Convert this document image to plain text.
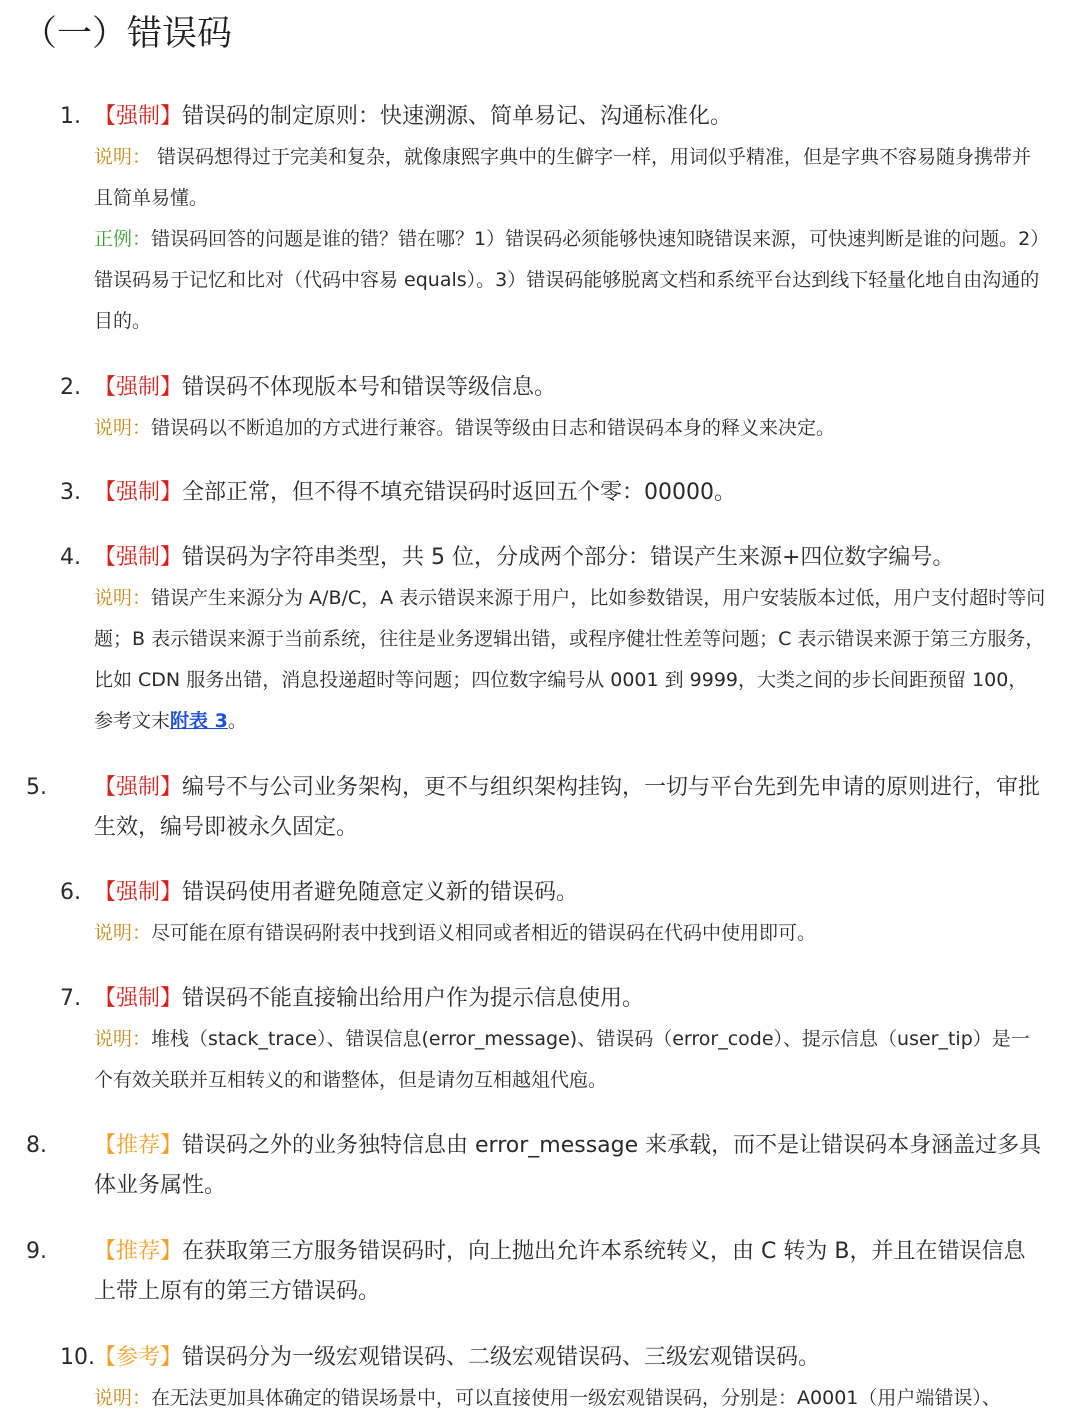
（一）错误码
1. 【强制】错误码的制定原则：快速溯源、简单易记、沟通标准化。
说明： 错误码想得过于完美和复杂，就像康熙字典中的生僻字一样，用词似乎精准，但是字典不容易随身携带并且简单易懂。
正例：错误码回答的问题是谁的错？错在哪？1）错误码必须能够快速知晓错误来源，可快速判断是谁的问题。2）错误码易于记忆和比对（代码中容易 equals）。3）错误码能够脱离文档和系统平台达到线下轻量化地自由沟通的目的。
2. 【强制】错误码不体现版本号和错误等级信息。
说明：错误码以不断追加的方式进行兼容。错误等级由日志和错误码本身的释义来决定。
3. 【强制】全部正常，但不得不填充错误码时返回五个零：00000。
4. 【强制】错误码为字符串类型，共 5 位，分成两个部分：错误产生来源+四位数字编号。
说明：错误产生来源分为 A/B/C，A 表示错误来源于用户，比如参数错误，用户安装版本过低，用户支付超时等问题；B 表示错误来源于当前系统，往往是业务逻辑出错，或程序健壮性差等问题；C 表示错误来源于第三方服务，比如 CDN 服务出错，消息投递超时等问题；四位数字编号从 0001 到 9999，大类之间的步长间距预留 100，参考文末附表 3。
5.	【强制】编号不与公司业务架构，更不与组织架构挂钩，一切与平台先到先申请的原则进行，审批生效，编号即被永久固定。
6. 【强制】错误码使用者避免随意定义新的错误码。
说明：尽可能在原有错误码附表中找到语义相同或者相近的错误码在代码中使用即可。
7. 【强制】错误码不能直接输出给用户作为提示信息使用。
说明：堆栈（stack_trace）、错误信息(error_message)、错误码（error_code）、提示信息（user_tip）是一个有效关联并互相转义的和谐整体，但是请勿互相越俎代庖。
8.	【推荐】错误码之外的业务独特信息由 error_message 来承载，而不是让错误码本身涵盖过多具体业务属性。
9.	【推荐】在获取第三方服务错误码时，向上抛出允许本系统转义，由 C 转为 B，并且在错误信息上带上原有的第三方错误码。
10. 【参考】错误码分为一级宏观错误码、二级宏观错误码、三级宏观错误码。
说明：在无法更加具体确定的错误场景中，可以直接使用一级宏观错误码，分别是：A0001（用户端错误）、
